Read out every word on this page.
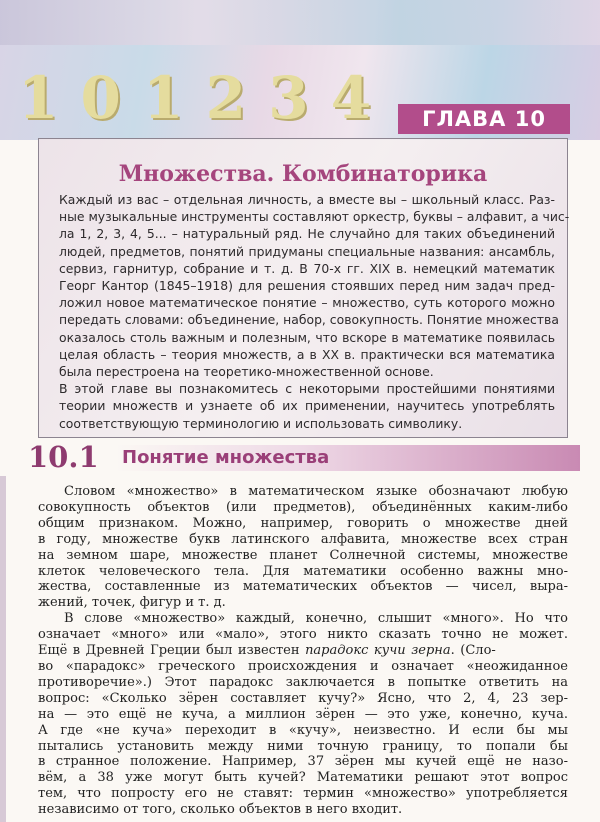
1 0 1 2 3 4	ГЛАВА 10
Множества. Комбинаторика
Каждый из вас – отдельная личность, а вместе вы – школьный класс. Раз-
ные музыкальные инструменты составляют оркестр, буквы – алфавит, а чис-
ла 1, 2, 3, 4, 5... – натуральный ряд. Не случайно для таких объединений
людей, предметов, понятий придуманы специальные названия: ансамбль,
сервиз, гарнитур, собрание и т. д. В 70-х гг. XIX в. немецкий математик
Георг Кантор (1845–1918) для решения стоявших перед ним задач пред-
ложил новое математическое понятие – множество, суть которого можно
передать словами: объединение, набор, совокупность. Понятие множества
оказалось столь важным и полезным, что вскоре в математике появилась
целая область – теория множеств, а в XX в. практически вся математика
была перестроена на теоретико-множественной основе.
В этой главе вы познакомитесь с некоторыми простейшими понятиями
теории множеств и узнаете об их применении, научитесь употреблять
соответствующую терминологию и использовать символику.
10.1 Понятие множества
Словом «множество» в математическом языке обозначают любую
совокупность объектов (или предметов), объединённых каким-либо
общим признаком. Можно, например, говорить о множестве дней
в году, множестве букв латинского алфавита, множестве всех стран
на земном шаре, множестве планет Солнечной системы, множестве
клеток человеческого тела. Для математики особенно важны мно-
жества, составленные из математических объектов — чисел, выра-
жений, точек, фигур и т. д.
В слове «множество» каждый, конечно, слышит «много». Но что
означает «много» или «мало», этого никто сказать точно не может.
Ещё в Древней Греции был известен парадокс кучи зерна. (Сло-
во «парадокс» греческого происхождения и означает «неожиданное
противоречие».) Этот парадокс заключается в попытке ответить на
вопрос: «Сколько зёрен составляет кучу?» Ясно, что 2, 4, 23 зер-
на — это ещё не куча, а миллион зёрен — это уже, конечно, куча.
А где «не куча» переходит в «кучу», неизвестно. И если бы мы
пытались установить между ними точную границу, то попали бы
в странное положение. Например, 37 зёрен мы кучей ещё не назо-
вём, а 38 уже могут быть кучей? Математики решают этот вопрос
тем, что попросту его не ставят: термин «множество» употребляется
независимо от того, сколько объектов в него входит.
